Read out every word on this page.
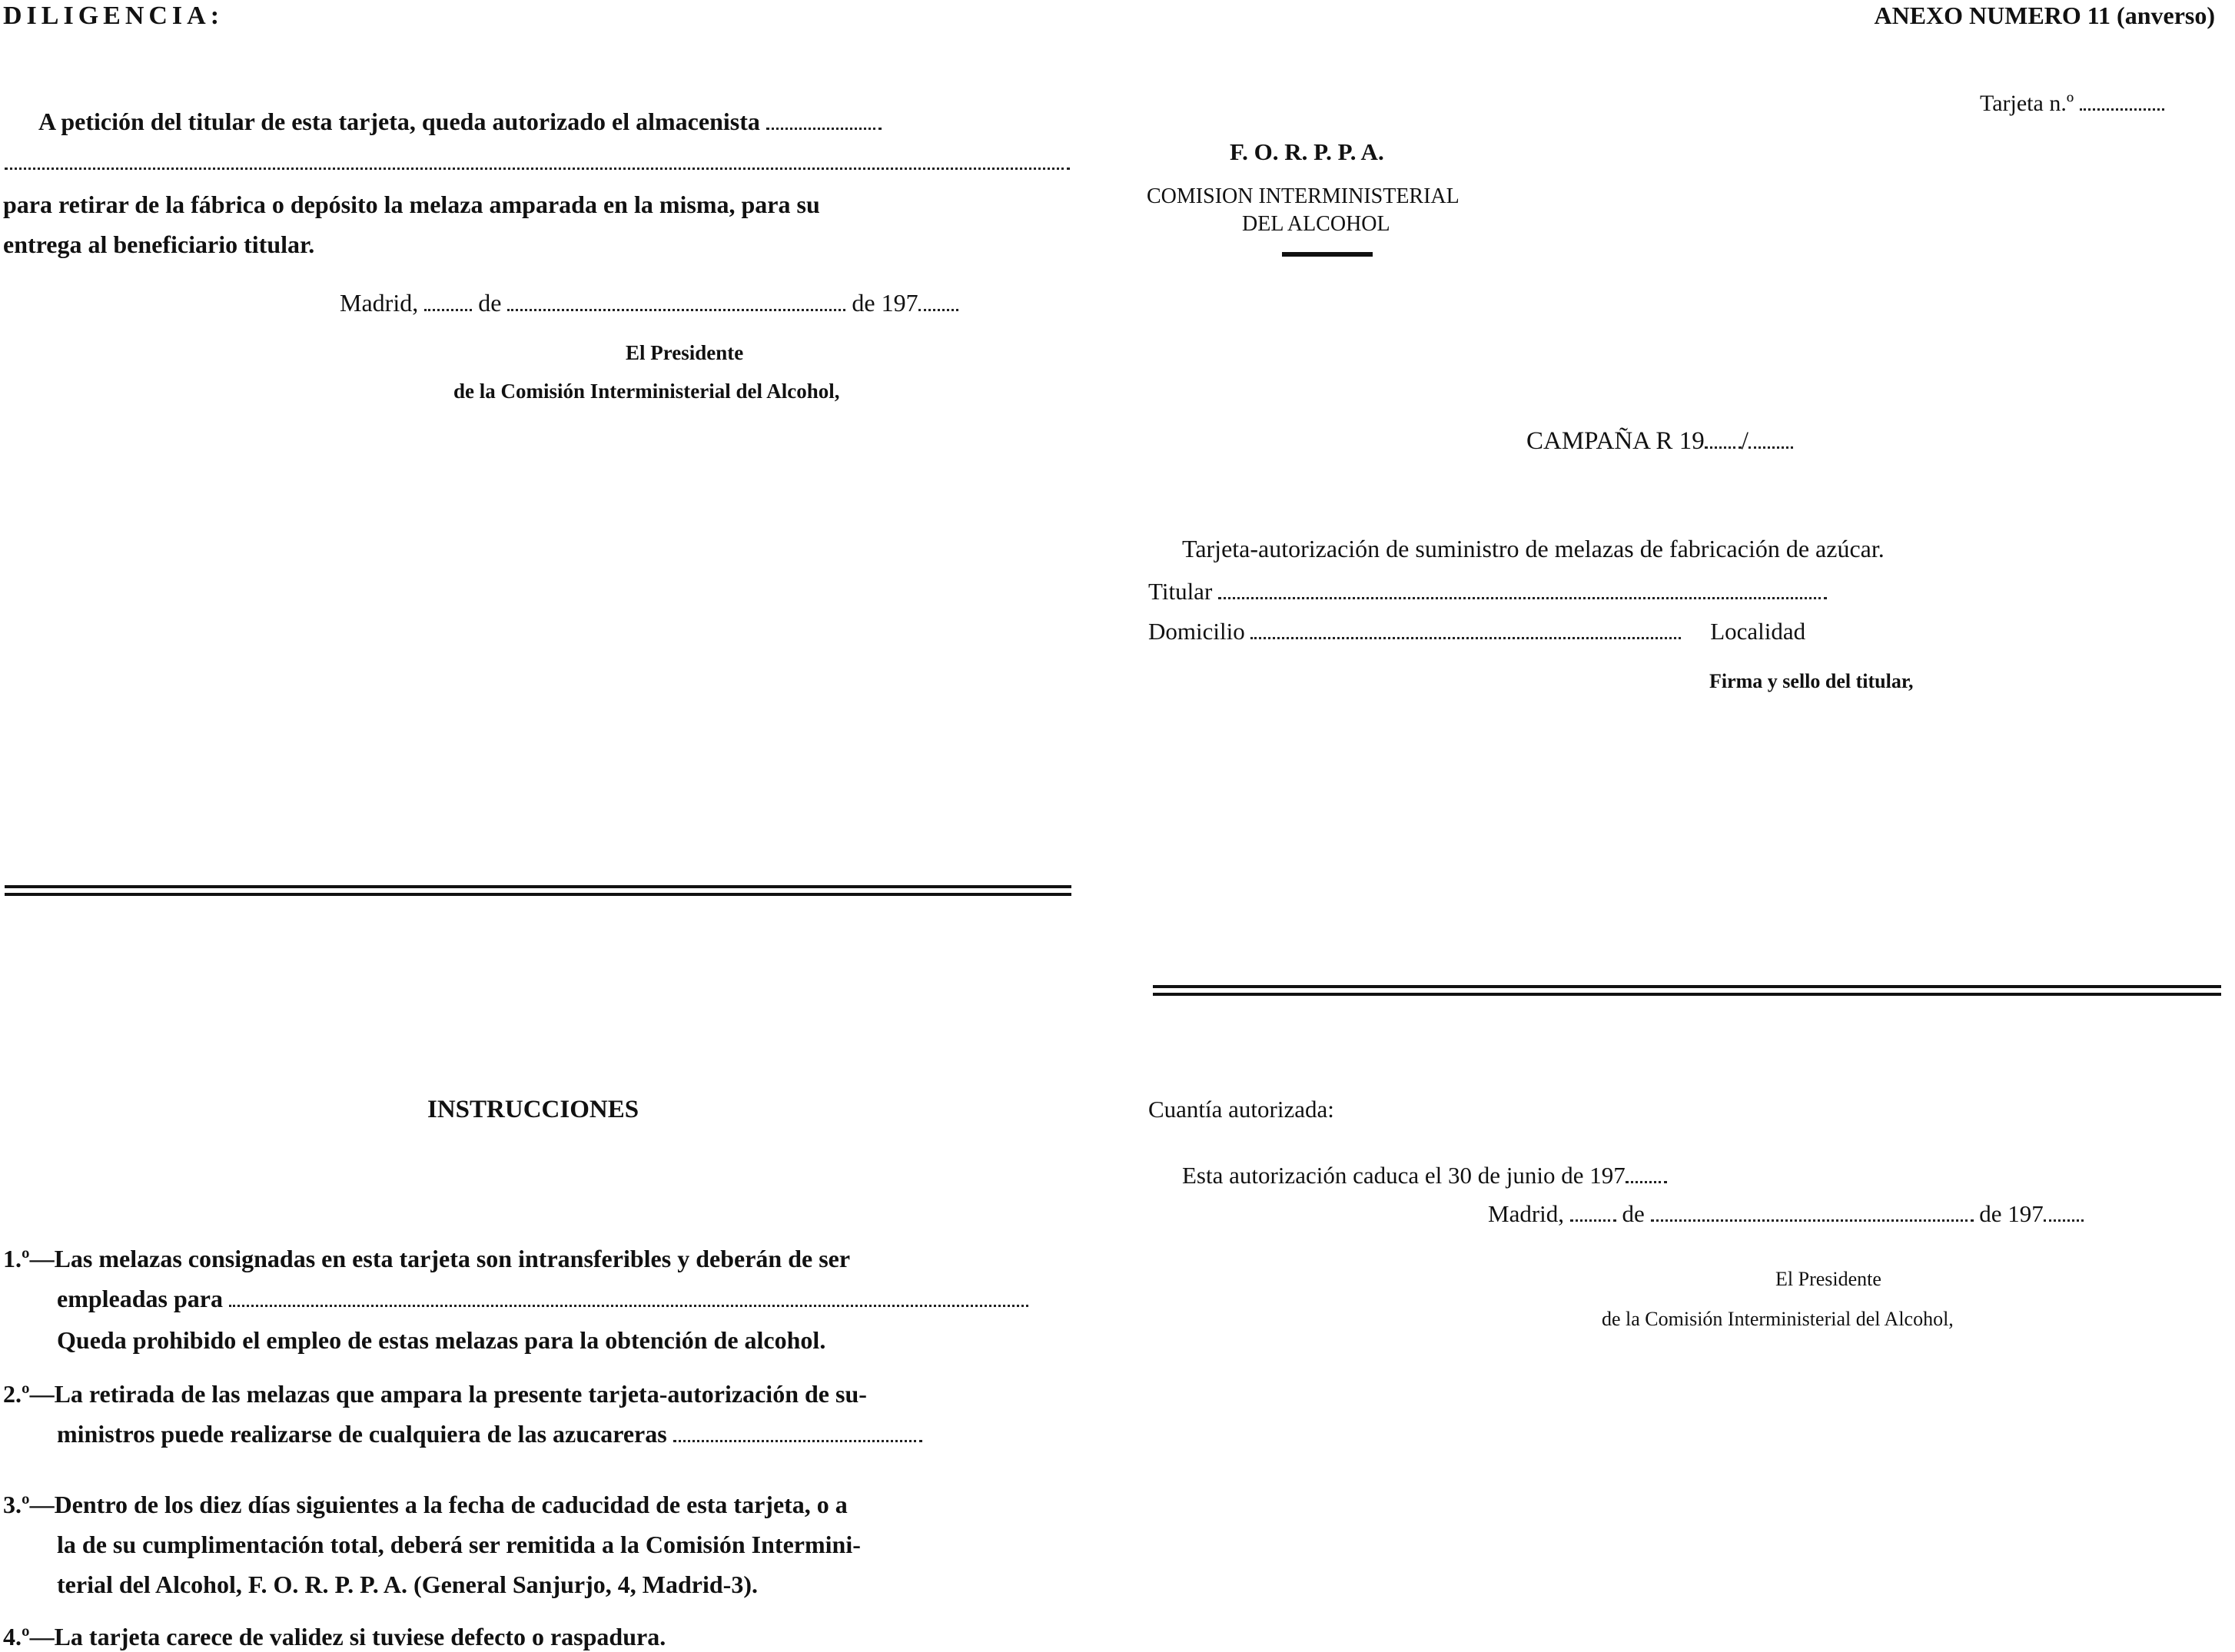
DILIGENCIA:	ANEXO NUMERO 11 (anverso)
A petición del titular de esta tarjeta, queda autorizado el almacenista
para retirar de la fábrica o depósito la melaza amparada en la misma, para su
entrega al beneficiario titular.
Madrid, de	de 197
El Presidente
de la Comisión Interministerial del Alcohol,
Tarjeta n.º
F. O. R. P. P. A.
COMISION INTERMINISTERIAL
DEL ALCOHOL
CAMPAÑA R 19 /
Tarjeta-autorización de suministro de melazas de fabricación de azúcar.
Titular
Domicilio	Localidad
Firma y sello del titular,
INSTRUCCIONES
1.º—Las melazas consignadas en esta tarjeta son intransferibles y deberán de ser
empleadas para
Queda prohibido el empleo de estas melazas para la obtención de alcohol.
2.º—La retirada de las melazas que ampara la presente tarjeta-autorización de su-
ministros puede realizarse de cualquiera de las azucareras
3.º—Dentro de los diez días siguientes a la fecha de caducidad de esta tarjeta, o a
la de su cumplimentación total, deberá ser remitida a la Comisión Intermini-
terial del Alcohol, F. O. R. P. P. A. (General Sanjurjo, 4, Madrid-3).
4.º—La tarjeta carece de validez si tuviese defecto o raspadura.
Cuantía autorizada:
Esta autorización caduca el 30 de junio de 197
Madrid, de	de 197
El Presidente
de la Comisión Interministerial del Alcohol,
